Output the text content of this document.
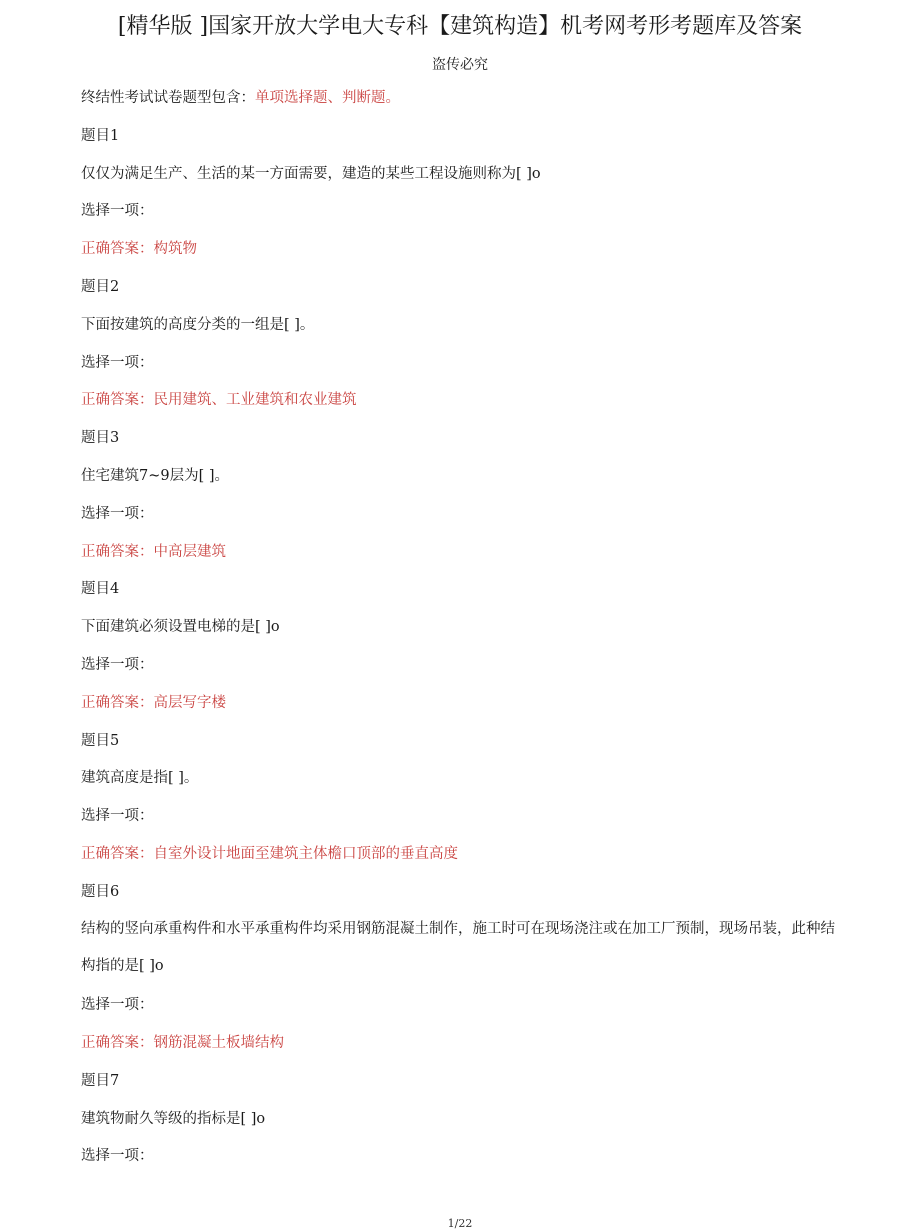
[精华版 ]国家开放大学电大专科【建筑构造】机考网考形考题库及答案
盗传必究
终结性考试试卷题型包含：单项选择题、判断题。
题目1
仅仅为满足生产、生活的某一方面需要，建造的某些工程设施则称为[ ]o
选择一项：
正确答案：构筑物
题目2
下面按建筑的高度分类的一组是[ ]。
选择一项：
正确答案：民用建筑、工业建筑和农业建筑
题目3
住宅建筑7~9层为[ ]。
选择一项：
正确答案：中高层建筑
题目4
下面建筑必须设置电梯的是[ ]o
选择一项：
正确答案：高层写字楼
题目5
建筑高度是指[ ]。
选择一项：
正确答案：自室外设计地面至建筑主体檐口顶部的垂直高度
题目6
结构的竖向承重构件和水平承重构件均采用钢筋混凝土制作，施工时可在现场浇注或在加工厂预制，现场吊装，此种结构指的是[ ]o
选择一项：
正确答案：钢筋混凝土板墙结构
题目7
建筑物耐久等级的指标是[ ]o
选择一项：
1/22
